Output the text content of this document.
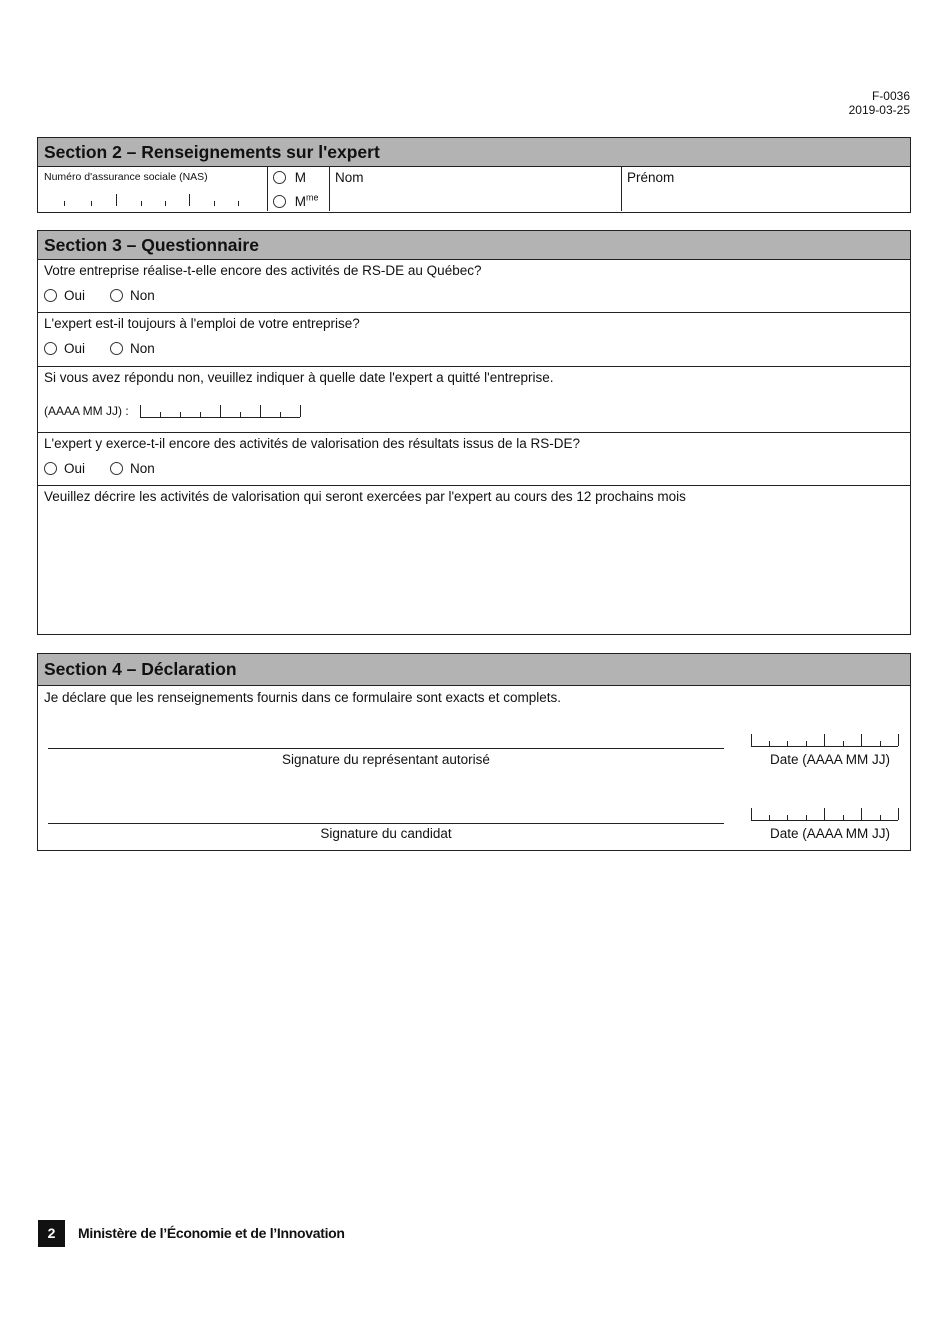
F-0036
2019-03-25
Section 2 – Renseignements sur l'expert
Numéro d'assurance sociale (NAS)	M
$M^{me}$
Nom	Prénom
Section 3 – Questionnaire
Votre entreprise réalise-t-elle encore des activités de RS-DE au Québec?
Oui	Non
L'expert est-il toujours à l'emploi de votre entreprise?
Oui	Non
Si vous avez répondu non, veuillez indiquer à quelle date l'expert a quitté l'entreprise.
(AAAA MM JJ) :
L'expert y exerce-t-il encore des activités de valorisation des résultats issus de la RS-DE?
Oui	Non
Veuillez décrire les activités de valorisation qui seront exercées par l'expert au cours des 12 prochains mois
Section 4 – Déclaration
Je déclare que les renseignements fournis dans ce formulaire sont exacts et complets.
Signature du représentant autorisé	Date (AAAA MM JJ)
Signature du candidat	Date (AAAA MM JJ)
2	Ministère de l’Économie et de l’Innovation
